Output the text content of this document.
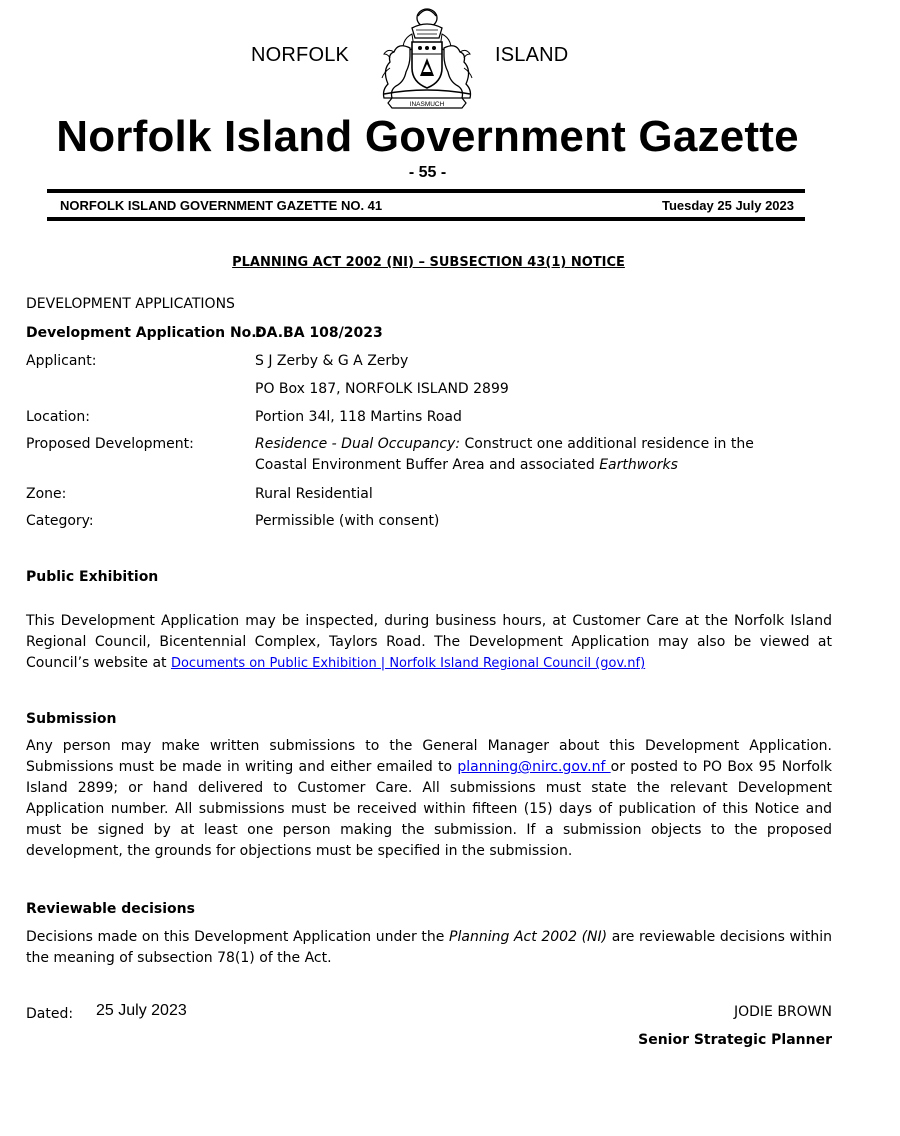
NORFOLK	ISLAND
INASMUCH
Norfolk Island Government Gazette
- 55 -
NORFOLK ISLAND GOVERNMENT GAZETTE NO. 41	Tuesday 25 July 2023
PLANNING ACT 2002 (NI) – SUBSECTION 43(1) NOTICE
DEVELOPMENT APPLICATIONS
Development Application No.:
DA.BA 108/2023
Applicant:	S J Zerby & G A Zerby
PO Box 187, NORFOLK ISLAND 2899
Location:	Portion 34l, 118 Martins Road
Proposed Development:	Residence - Dual Occupancy: Construct one additional residence in the Coastal Environment Buffer Area and associated Earthworks
Zone:	Rural Residential
Category:	Permissible (with consent)
Public Exhibition
This Development Application may be inspected, during business hours, at Customer Care at the Norfolk Island Regional Council, Bicentennial Complex, Taylors Road. The Development Application may also be viewed at Council’s website at Documents on Public Exhibition | Norfolk Island Regional Council (gov.nf)
Submission
Any person may make written submissions to the General Manager about this Development Application. Submissions must be made in writing and either emailed to planning@nirc.gov.nf or posted to PO Box 95 Norfolk Island 2899; or hand delivered to Customer Care. All submissions must state the relevant Development Application number. All submissions must be received within fifteen (15) days of publication of this Notice and must be signed by at least one person making the submission. If a submission objects to the proposed development, the grounds for objections must be specified in the submission.
Reviewable decisions
Decisions made on this Development Application under the Planning Act 2002 (NI) are reviewable decisions within the meaning of subsection 78(1) of the Act.
Dated: 25 July 2023	JODIE BROWN
Senior Strategic Planner
